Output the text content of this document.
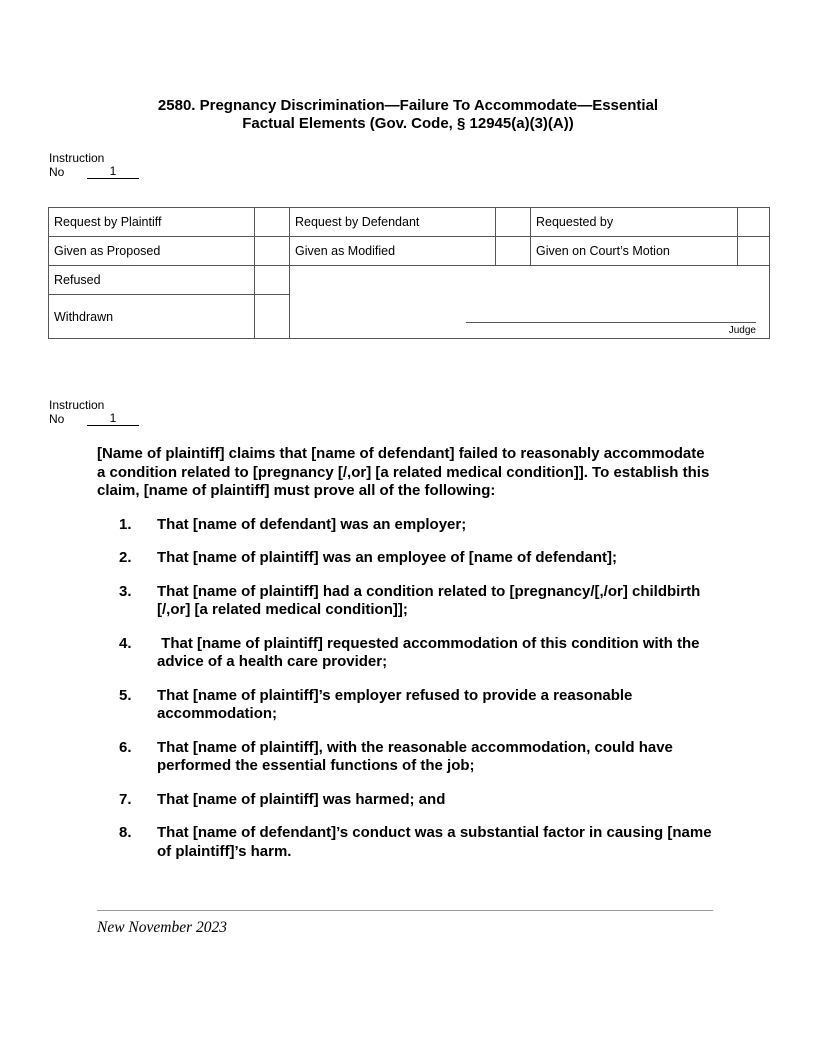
2580. Pregnancy Discrimination—Failure To Accommodate—Essential
Factual Elements (Gov. Code, § 12945(a)(3)(A))
Instruction
No	1
Request by Plaintiff		Request by Defendant		Requested by	
Given as Proposed		Given as Modified		Given on Court’s Motion	
Refused		Judge			

Withdrawn					
Instruction
No	1

[Name of plaintiff] claims that [name of defendant] failed to reasonably accommodate a condition related to [pregnancy [/,or] [a related medical condition]]. To establish this claim, [name of plaintiff] must prove all of the following:

1.	That [name of defendant] was an employer;
2.	That [name of plaintiff] was an employee of [name of defendant];
3.	That [name of plaintiff] had a condition related to [pregnancy/[,/or] childbirth [/,or] [a related medical condition]];
4.	That [name of plaintiff] requested accommodation of this condition with the advice of a health care provider;
5.	That [name of plaintiff]’s employer refused to provide a reasonable accommodation;
6.	That [name of plaintiff], with the reasonable accommodation, could have performed the essential functions of the job;
7.	That [name of plaintiff] was harmed; and
8.	That [name of defendant]’s conduct was a substantial factor in causing [name of plaintiff]’s harm.
New November 2023
